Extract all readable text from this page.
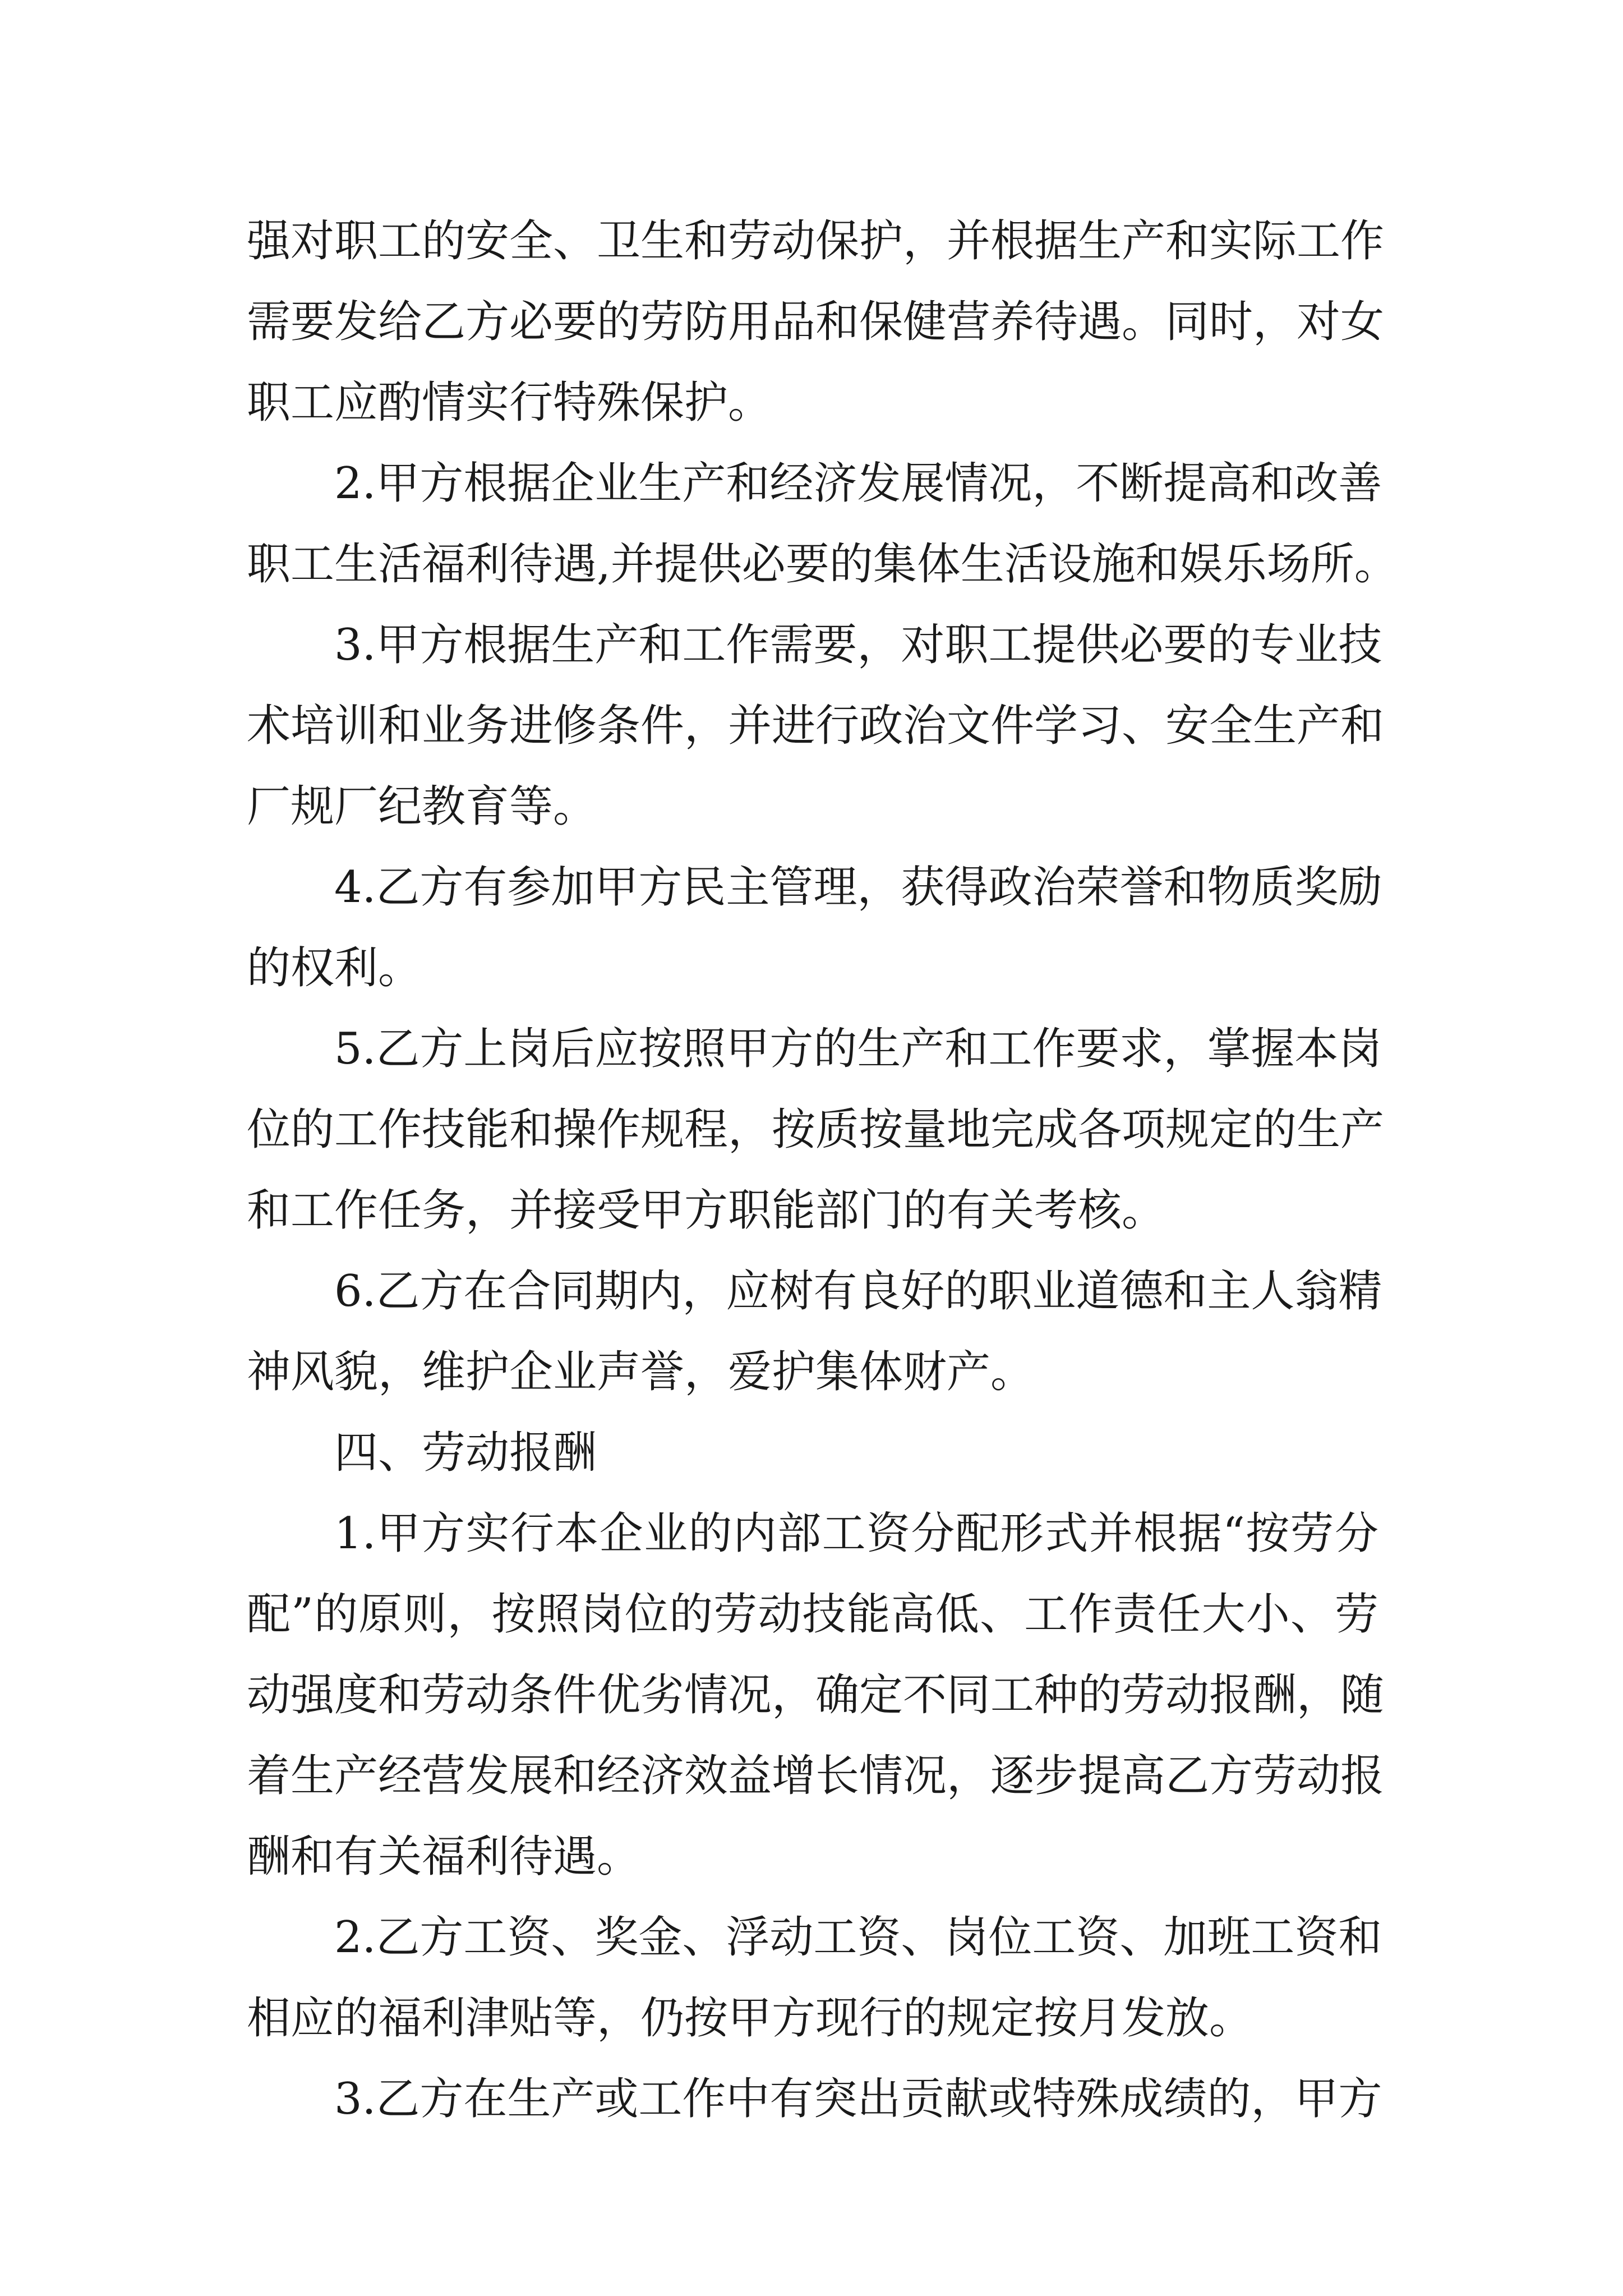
强对职工的安全、卫生和劳动保护，并根据生产和实际工作

需要发给乙方必要的劳防用品和保健营养待遇。同时，对女

职工应酌情实行特殊保护。

2.甲方根据企业生产和经济发展情况，不断提高和改善

职工生活福利待遇,并提供必要的集体生活设施和娱乐场所。

3.甲方根据生产和工作需要，对职工提供必要的专业技

术培训和业务进修条件，并进行政治文件学习、安全生产和

厂规厂纪教育等。

4.乙方有参加甲方民主管理，获得政治荣誉和物质奖励

的权利。

5.乙方上岗后应按照甲方的生产和工作要求，掌握本岗

位的工作技能和操作规程，按质按量地完成各项规定的生产

和工作任务，并接受甲方职能部门的有关考核。

6.乙方在合同期内，应树有良好的职业道德和主人翁精

神风貌，维护企业声誉，爱护集体财产。

四、劳动报酬

1.甲方实行本企业的内部工资分配形式并根据“按劳分

配”的原则，按照岗位的劳动技能高低、工作责任大小、劳

动强度和劳动条件优劣情况，确定不同工种的劳动报酬，随

着生产经营发展和经济效益增长情况，逐步提高乙方劳动报

酬和有关福利待遇。

2.乙方工资、奖金、浮动工资、岗位工资、加班工资和

相应的福利津贴等，仍按甲方现行的规定按月发放。

3.乙方在生产或工作中有突出贡献或特殊成绩的，甲方
